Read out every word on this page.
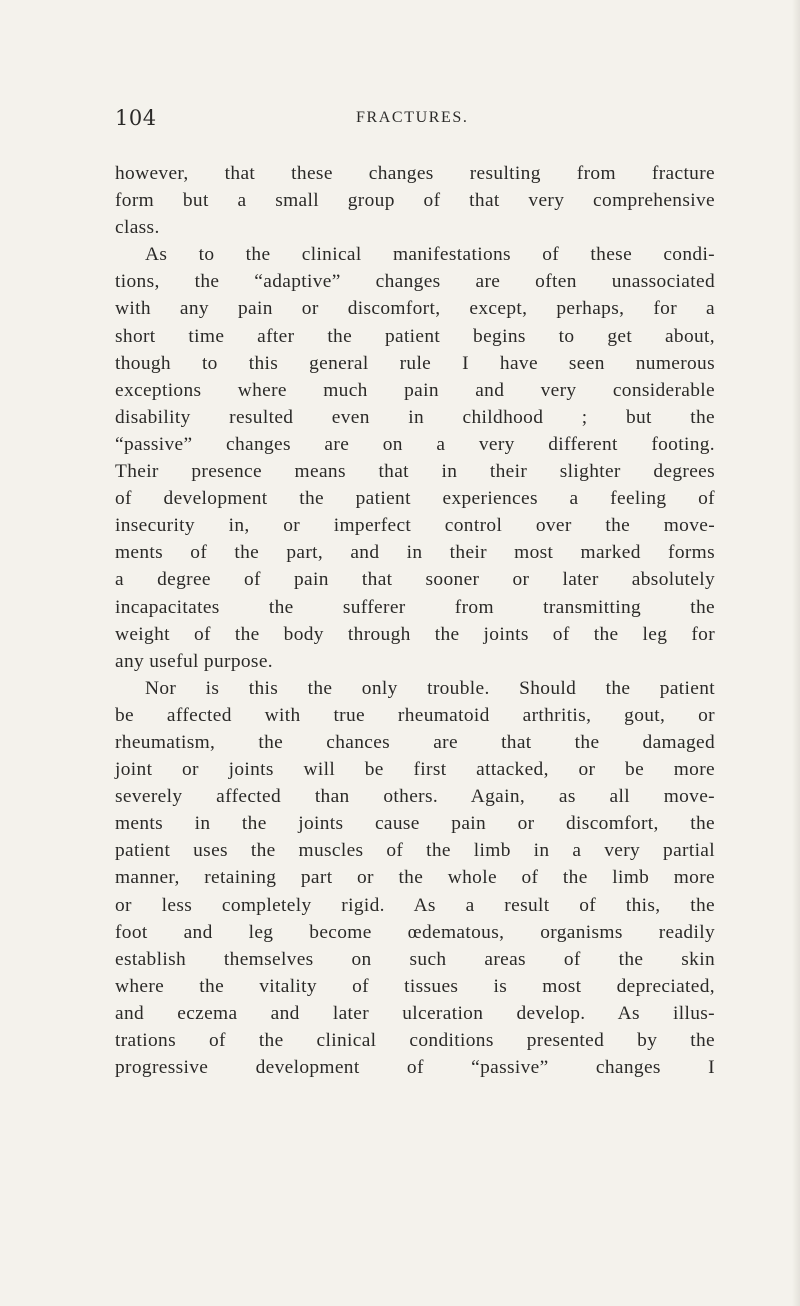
104	FRACTURES.
however, that these changes resulting from fracture
form but a small group of that very comprehensive
class.
As to the clinical manifestations of these condi-
tions, the “adaptive” changes are often unassociated
with any pain or discomfort, except, perhaps, for a
short time after the patient begins to get about,
though to this general rule I have seen numerous
exceptions where much pain and very considerable
disability resulted even in childhood ; but the
“passive” changes are on a very different footing.
Their presence means that in their slighter degrees
of development the patient experiences a feeling of
insecurity in, or imperfect control over the move-
ments of the part, and in their most marked forms
a degree of pain that sooner or later absolutely
incapacitates the sufferer from transmitting the
weight of the body through the joints of the leg for
any useful purpose.
Nor is this the only trouble. Should the patient
be affected with true rheumatoid arthritis, gout, or
rheumatism, the chances are that the damaged
joint or joints will be first attacked, or be more
severely affected than others. Again, as all move-
ments in the joints cause pain or discomfort, the
patient uses the muscles of the limb in a very partial
manner, retaining part or the whole of the limb more
or less completely rigid. As a result of this, the
foot and leg become œdematous, organisms readily
establish themselves on such areas of the skin
where the vitality of tissues is most depreciated,
and eczema and later ulceration develop. As illus-
trations of the clinical conditions presented by the
progressive development of “passive” changes I
